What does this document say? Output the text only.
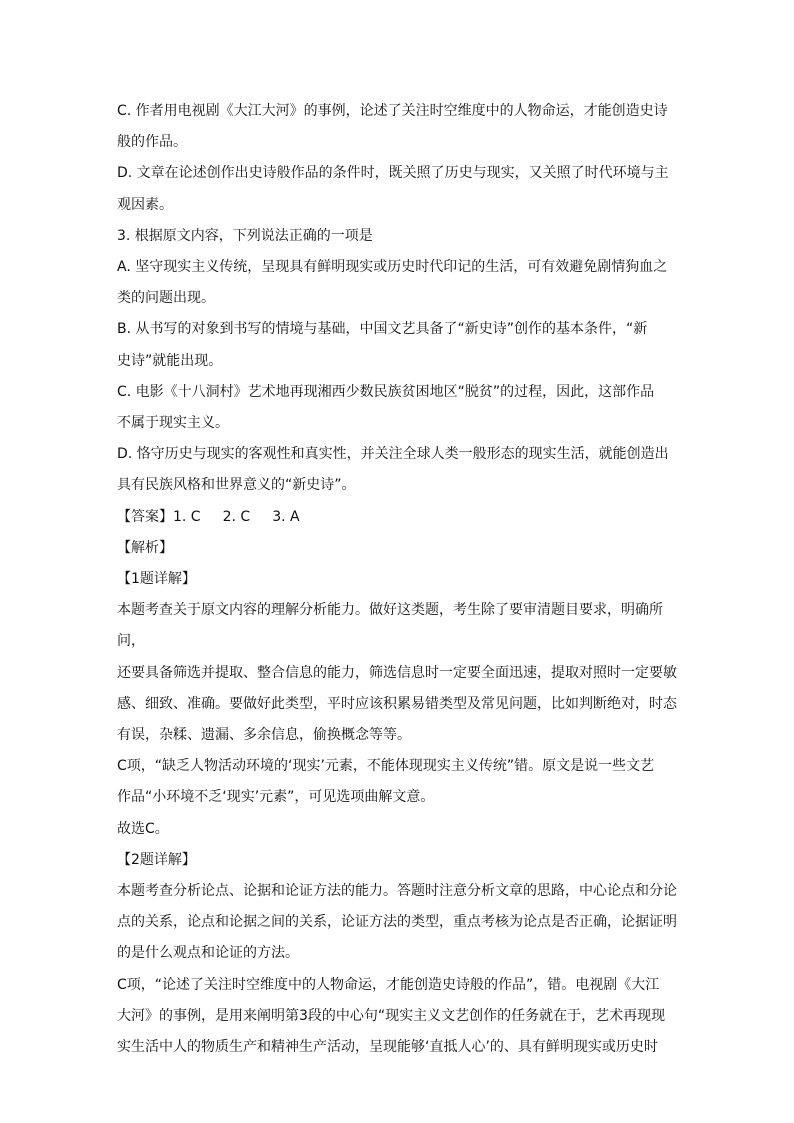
C. 作者用电视剧《大江大河》的事例，论述了关注时空维度中的人物命运，才能创造史诗

般的作品。

D. 文章在论述创作出史诗般作品的条件时，既关照了历史与现实，又关照了时代环境与主

观因素。

3. 根据原文内容，下列说法正确的一项是

A. 坚守现实主义传统，呈现具有鲜明现实或历史时代印记的生活，可有效避免剧情狗血之

类的问题出现。

B. 从书写的对象到书写的情境与基础，中国文艺具备了“新史诗”创作的基本条件，“新

史诗”就能出现。

C. 电影《十八洞村》艺术地再现湘西少数民族贫困地区“脱贫”的过程，因此，这部作品

不属于现实主义。

D. 恪守历史与现实的客观性和真实性，并关注全球人类一般形态的现实生活，就能创造出

具有民族风格和世界意义的“新史诗”。

【答案】1. C 2. C 3. A

【解析】

【1题详解】

本题考查关于原文内容的理解分析能力。做好这类题，考生除了要审清题目要求，明确所问，

还要具备筛选并提取、整合信息的能力，筛选信息时一定要全面迅速，提取对照时一定要敏

感、细致、准确。要做好此类型，平时应该积累易错类型及常见问题，比如判断绝对，时态

有误，杂糅、遗漏、多余信息，偷换概念等等。

C项，“缺乏人物活动环境的‘现实’元素，不能体现现实主义传统”错。原文是说一些文艺

作品“小环境不乏‘现实’元素”，可见选项曲解文意。

故选C。

【2题详解】

本题考查分析论点、论据和论证方法的能力。答题时注意分析文章的思路，中心论点和分论

点的关系，论点和论据之间的关系，论证方法的类型，重点考核为论点是否正确，论据证明

的是什么观点和论证的方法。

C项，“论述了关注时空维度中的人物命运，才能创造史诗般的作品”，错。电视剧《大江

大河》的事例，是用来阐明第3段的中心句“现实主义文艺创作的任务就在于，艺术再现现

实生活中人的物质生产和精神生产活动，呈现能够‘直抵人心’的、具有鲜明现实或历史时
